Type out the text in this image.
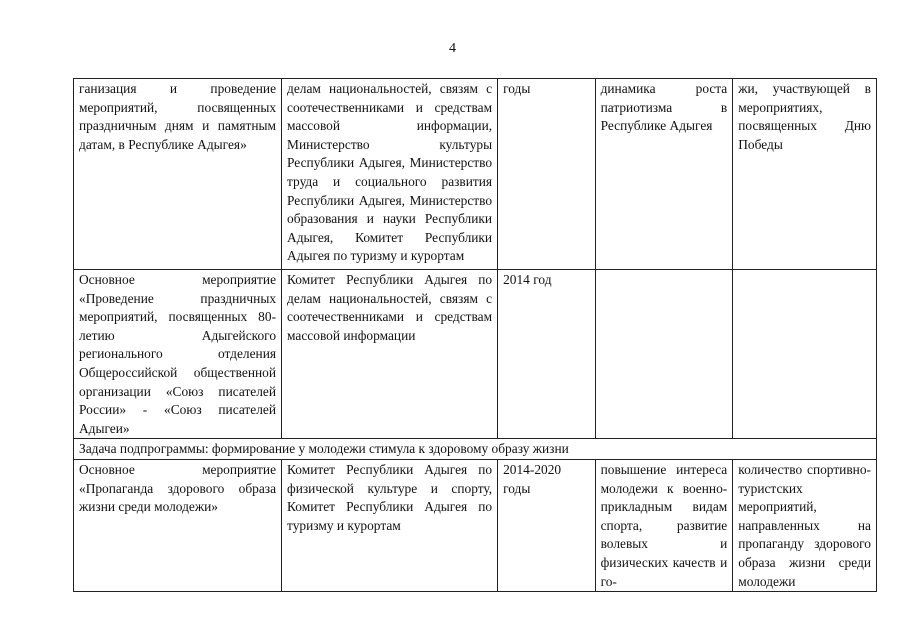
4
ганизация и проведение мероприятий, посвященных праздничным дням и памятным датам, в Республике Адыгея»	делам национальностей, связям с соотечественниками и средствам массовой информации, Министерство культуры Республики Адыгея, Министерство труда и социального развития Республики Адыгея, Министерство образования и науки Республики Адыгея, Комитет Республики Адыгея по туризму и курортам	годы	динамика роста патриотизма в Республике Адыгея	жи, участвующей в мероприятиях, посвященных Дню Победы

Основное мероприятие «Проведение праздничных мероприятий, посвященных 80-летию Адыгейского регионального отделения Общероссийской общественной организации «Союз писателей России» - «Союз писателей Адыгеи»	Комитет Республики Адыгея по делам национальностей, связям с соотечественниками и средствам массовой информации	2014 год		

Задача подпрограммы: формирование у молодежи стимула к здоровому образу жизни				

Основное мероприятие «Пропаганда здорового образа жизни среди молодежи»	Комитет Республики Адыгея по физической культуре и спорту, Комитет Республики Адыгея по туризму и курортам	2014-2020 годы	повышение интереса молодежи к военно-прикладным видам спорта, развитие волевых и физических качеств и го-	количество спортивно-туристских мероприятий, направленных на пропаганду здорового образа жизни среди молодежи
